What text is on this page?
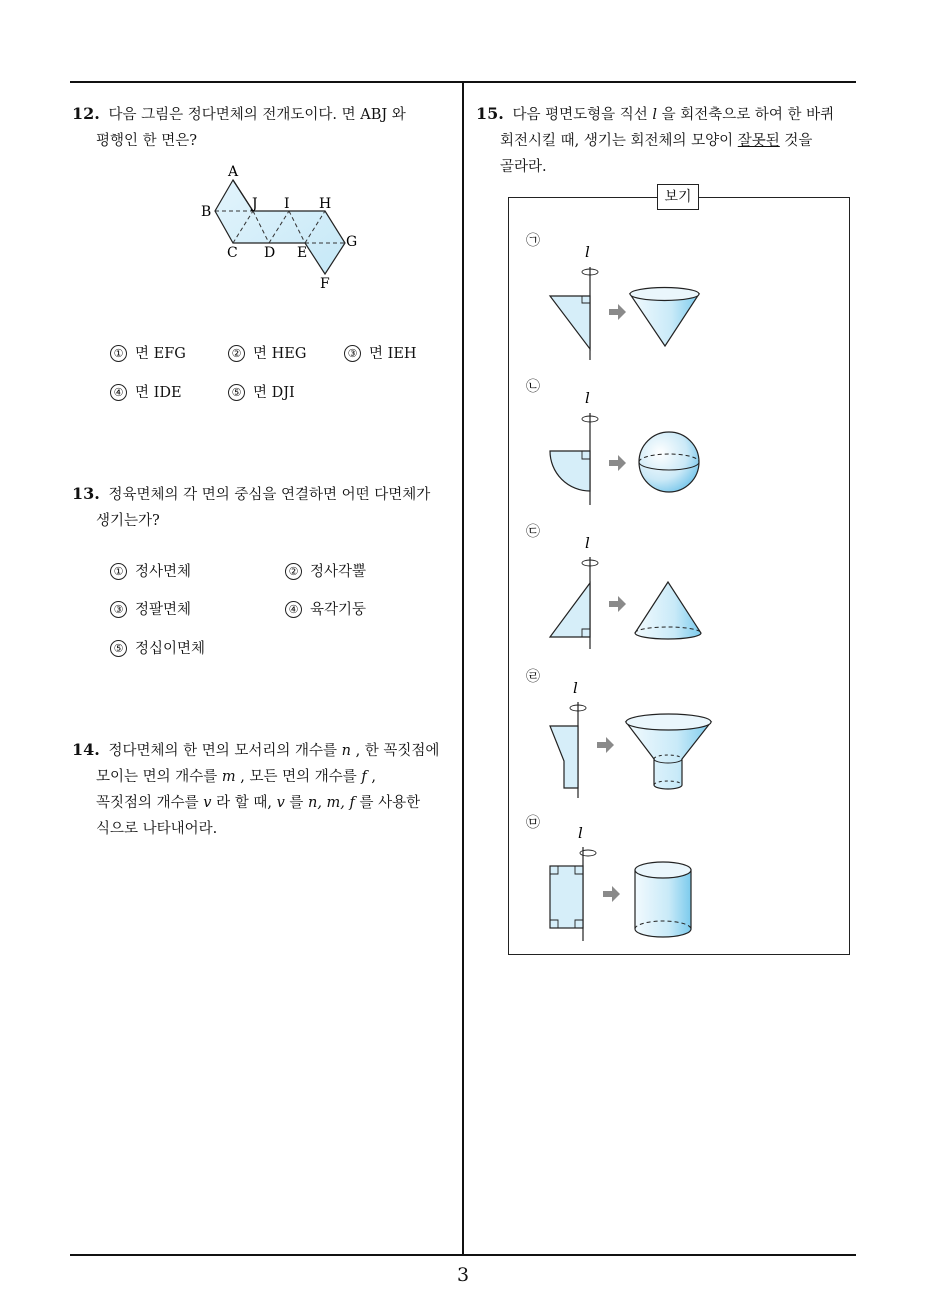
3
12. 다음 그림은 정다면체의 전개도이다. 면 ABJ 와
평행인 한 면은?
A
B	J I H
C D E
G
F
① 면 EFG	② 면 HEG	③ 면 IEH
④ 면 IDE	⑤ 면 DJI
13. 정육면체의 각 면의 중심을 연결하면 어떤 다면체가
생기는가?
① 정사면체	② 정사각뿔
③ 정팔면체	④ 육각기둥
⑤ 정십이면체
14. 정다면체의 한 면의 모서리의 개수를 n , 한 꼭짓점에
모이는 면의 개수를 m , 모든 면의 개수를 f ,
꼭짓점의 개수를 v 라 할 때, v 를 n, m, f 를 사용한
식으로 나타내어라.
15. 다음 평면도형을 직선 l 을 회전축으로 하여 한 바퀴
회전시킬 때, 생기는 회전체의 모양이 잘못된 것을
골라라.
보기
㉠
㉡
㉢
㉣
㉤
l
l
l
l
l
